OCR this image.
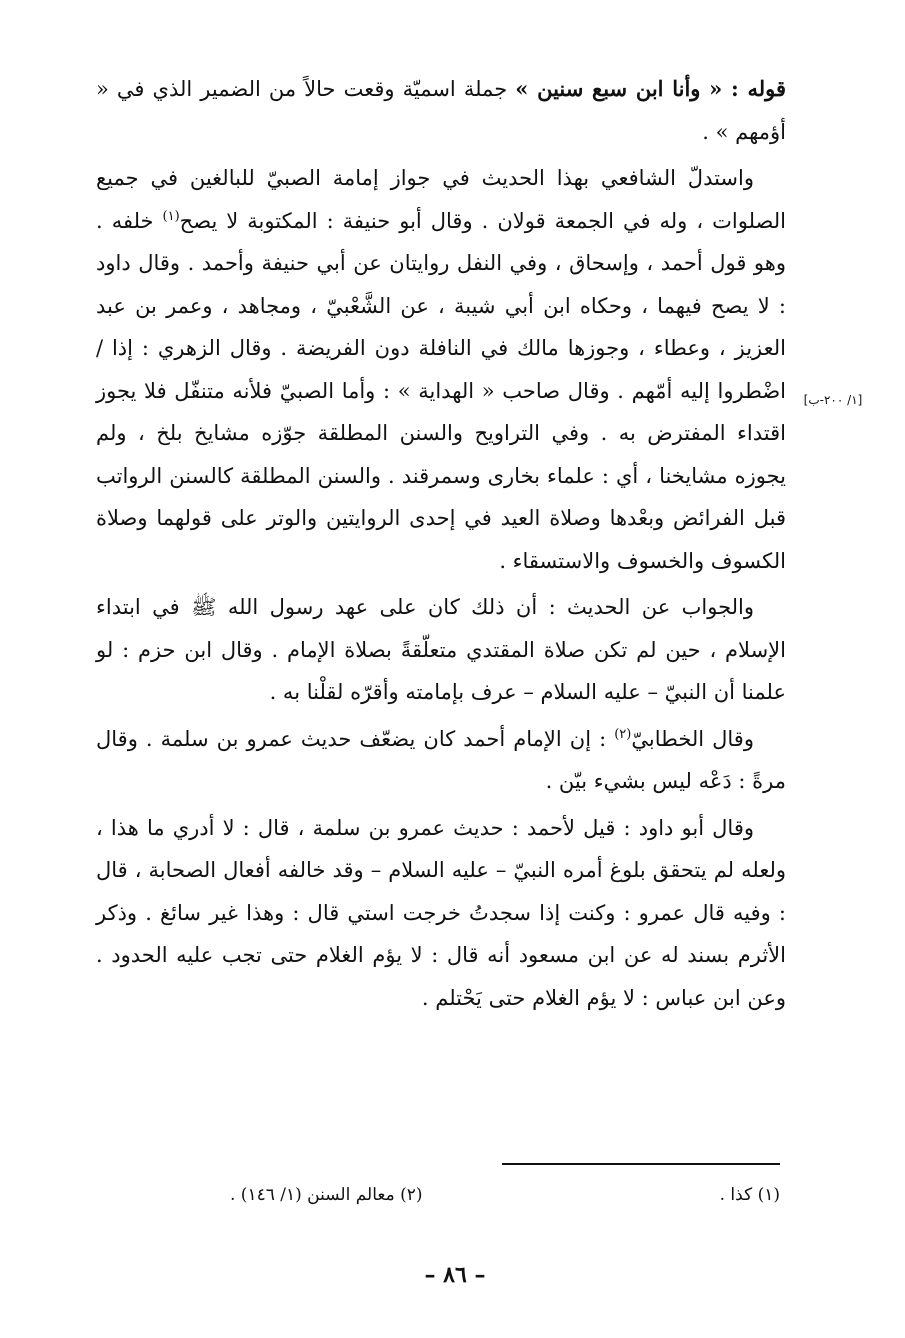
قوله : « وأنا ابن سبع سنين » جملة اسميّة وقعت حالاً من الضمير الذي في « أؤمهم » .

واستدلّ الشافعي بهذا الحديث في جواز إمامة الصبيّ للبالغين في جميع الصلوات ، وله في الجمعة قولان . وقال أبو حنيفة : المكتوبة لا يصح$^{(١)}$ خلفه . وهو قول أحمد ، وإسحاق ، وفي النفل روايتان عن أبي حنيفة وأحمد . وقال داود : لا يصح فيهما ، وحكاه ابن أبي شيبة ، عن الشَّعْبيّ ، ومجاهد ، وعمر بن عبد العزيز ، وعطاء ، وجوزها مالك في النافلة دون الفريضة . وقال الزهري : إذا / اضْطروا إليه أمّهم . وقال صاحب « الهداية » : وأما الصبيّ فلأنه متنفّل فلا يجوز اقتداء المفترض به . وفي التراويح والسنن المطلقة جوّزه مشايخ بلخ ، ولم يجوزه مشايخنا ، أي : علماء بخارى وسمرقند . والسنن المطلقة كالسنن الرواتب قبل الفرائض وبعْدها وصلاة العيد في إحدى الروايتين والوتر على قولهما وصلاة الكسوف والخسوف والاستسقاء .

والجواب عن الحديث : أن ذلك كان على عهد رسول الله ﷺ في ابتداء الإسلام ، حين لم تكن صلاة المقتدي متعلّقةً بصلاة الإمام . وقال ابن حزم : لو علمنا أن النبيّ – عليه السلام – عرف بإمامته وأقرّه لقلْنا به .

وقال الخطابيّ$^{(٢)}$ : إن الإمام أحمد كان يضعّف حديث عمرو بن سلمة . وقال مرةً : دَعْه ليس بشيء بيّن .

وقال أبو داود : قيل لأحمد : حديث عمرو بن سلمة ، قال : لا أدري ما هذا ، ولعله لم يتحقق بلوغ أمره النبيّ – عليه السلام – وقد خالفه أفعال الصحابة ، قال : وفيه قال عمرو : وكنت إذا سجدتُ خرجت استي قال : وهذا غير سائغ . وذكر الأثرم بسند له عن ابن مسعود أنه قال : لا يؤم الغلام حتى تجب عليه الحدود . وعن ابن عباس : لا يؤم الغلام حتى يَحْتلم .

[١/ ٢٠٠-ب]
(١) كذا .
(٢) معالم السنن (١/ ١٤٦) .
– ٨٦ –
